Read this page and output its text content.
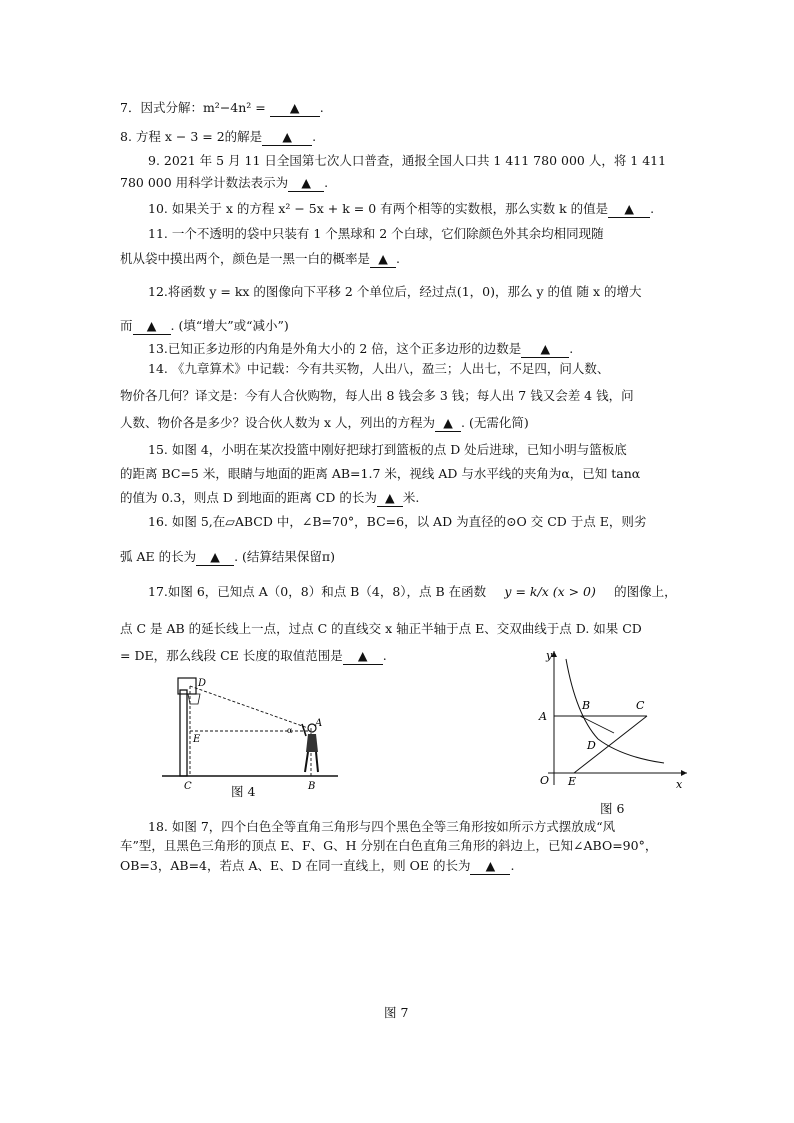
7．因式分解：m²−4n² = ▲ .
8. 方程 x − 3 = 2的解是 ▲ .
9. 2021 年 5 月 11 日全国第七次人口普查，通报全国人口共 1 411 780 000 人，将 1 411
780 000 用科学计数法表示为 ▲ .
10. 如果关于 x 的方程 x² − 5x + k = 0 有两个相等的实数根，那么实数 k 的值是 ▲ .
11. 一个不透明的袋中只装有 1 个黑球和 2 个白球，它们除颜色外其余均相同现随
机从袋中摸出两个，颜色是一黑一白的概率是 ▲ .
12.将函数 y = kx 的图像向下平移 2 个单位后，经过点(1，0)，那么 y 的值 随 x 的增大
而 ▲ . (填“增大”或“减小”)
13.已知正多边形的内角是外角大小的 2 倍，这个正多边形的边数是 ▲ .
14. 《九章算术》中记载：今有共买物，人出八，盈三；人出七，不足四，问人数、
物价各几何？译文是：今有人合伙购物，每人出 8 钱会多 3 钱；每人出 7 钱又会差 4 钱，问
人数、物价各是多少？设合伙人数为 x 人，列出的方程为 ▲ . (无需化简)
15. 如图 4，小明在某次投篮中刚好把球打到篮板的点 D 处后进球，已知小明与篮板底
的距离 BC=5 米，眼睛与地面的距离 AB=1.7 米，视线 AD 与水平线的夹角为α，已知 tanα
的值为 0.3，则点 D 到地面的距离 CD 的长为 ▲ 米.
16. 如图 5,在▱ABCD 中，∠B=70°，BC=6，以 AD 为直径的⊙O 交 CD 于点 E，则劣
弧 AE 的长为 ▲ . (结算结果保留π)
17.如图 6，已知点 A（0，8）和点 B（4，8），点 B 在函数 y = k/x (x > 0) 的图像上，
点 C 是 AB 的延长线上一点，过点 C 的直线交 x 轴正半轴于点 E、交双曲线于点 D. 如果 CD
= DE，那么线段 CE 长度的取值范围是 ▲ .
D
A
E
C	B
α
图 4
y
x
O
A
B	C
D
E
图 6
18. 如图 7，四个白色全等直角三角形与四个黑色全等三角形按如所示方式摆放成“风
车”型，且黑色三角形的顶点 E、F、G、H 分别在白色直角三角形的斜边上，已知∠ABO=90°，
OB=3，AB=4，若点 A、E、D 在同一直线上，则 OE 的长为 ▲ .
图 7
